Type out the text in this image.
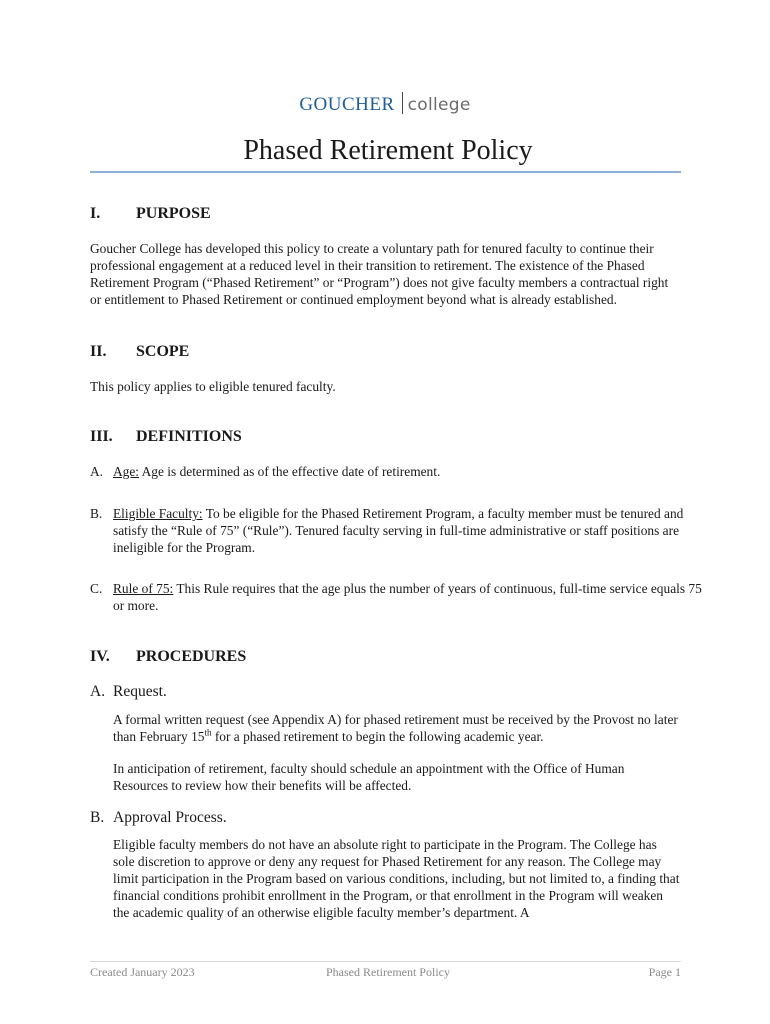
GOUCHER college
Phased Retirement Policy
I. PURPOSE

Goucher College has developed this policy to create a voluntary path for tenured faculty to continue their professional engagement at a reduced level in their transition to retirement. The existence of the Phased Retirement Program (“Phased Retirement” or “Program”) does not give faculty members a contractual right or entitlement to Phased Retirement or continued employment beyond what is already established.

II. SCOPE

This policy applies to eligible tenured faculty.

III. DEFINITIONS

A. Age: Age is determined as of the effective date of retirement.

B. Eligible Faculty: To be eligible for the Phased Retirement Program, a faculty member must be tenured and satisfy the “Rule of 75” (“Rule”). Tenured faculty serving in full-time administrative or staff positions are ineligible for the Program.

C. Rule of 75: This Rule requires that the age plus the number of years of continuous, full-time service equals 75 or more.

IV. PROCEDURES
A. Request.

A formal written request (see Appendix A) for phased retirement must be received by the Provost no later than February 15th for a phased retirement to begin the following academic year.

In anticipation of retirement, faculty should schedule an appointment with the Office of Human Resources to review how their benefits will be affected.

B. Approval Process.

Eligible faculty members do not have an absolute right to participate in the Program. The College has sole discretion to approve or deny any request for Phased Retirement for any reason. The College may limit participation in the Program based on various conditions, including, but not limited to, a finding that financial conditions prohibit enrollment in the Program, or that enrollment in the Program will weaken the academic quality of an otherwise eligible faculty member’s department. A

Created January 2023	Phased Retirement Policy	Page 1
